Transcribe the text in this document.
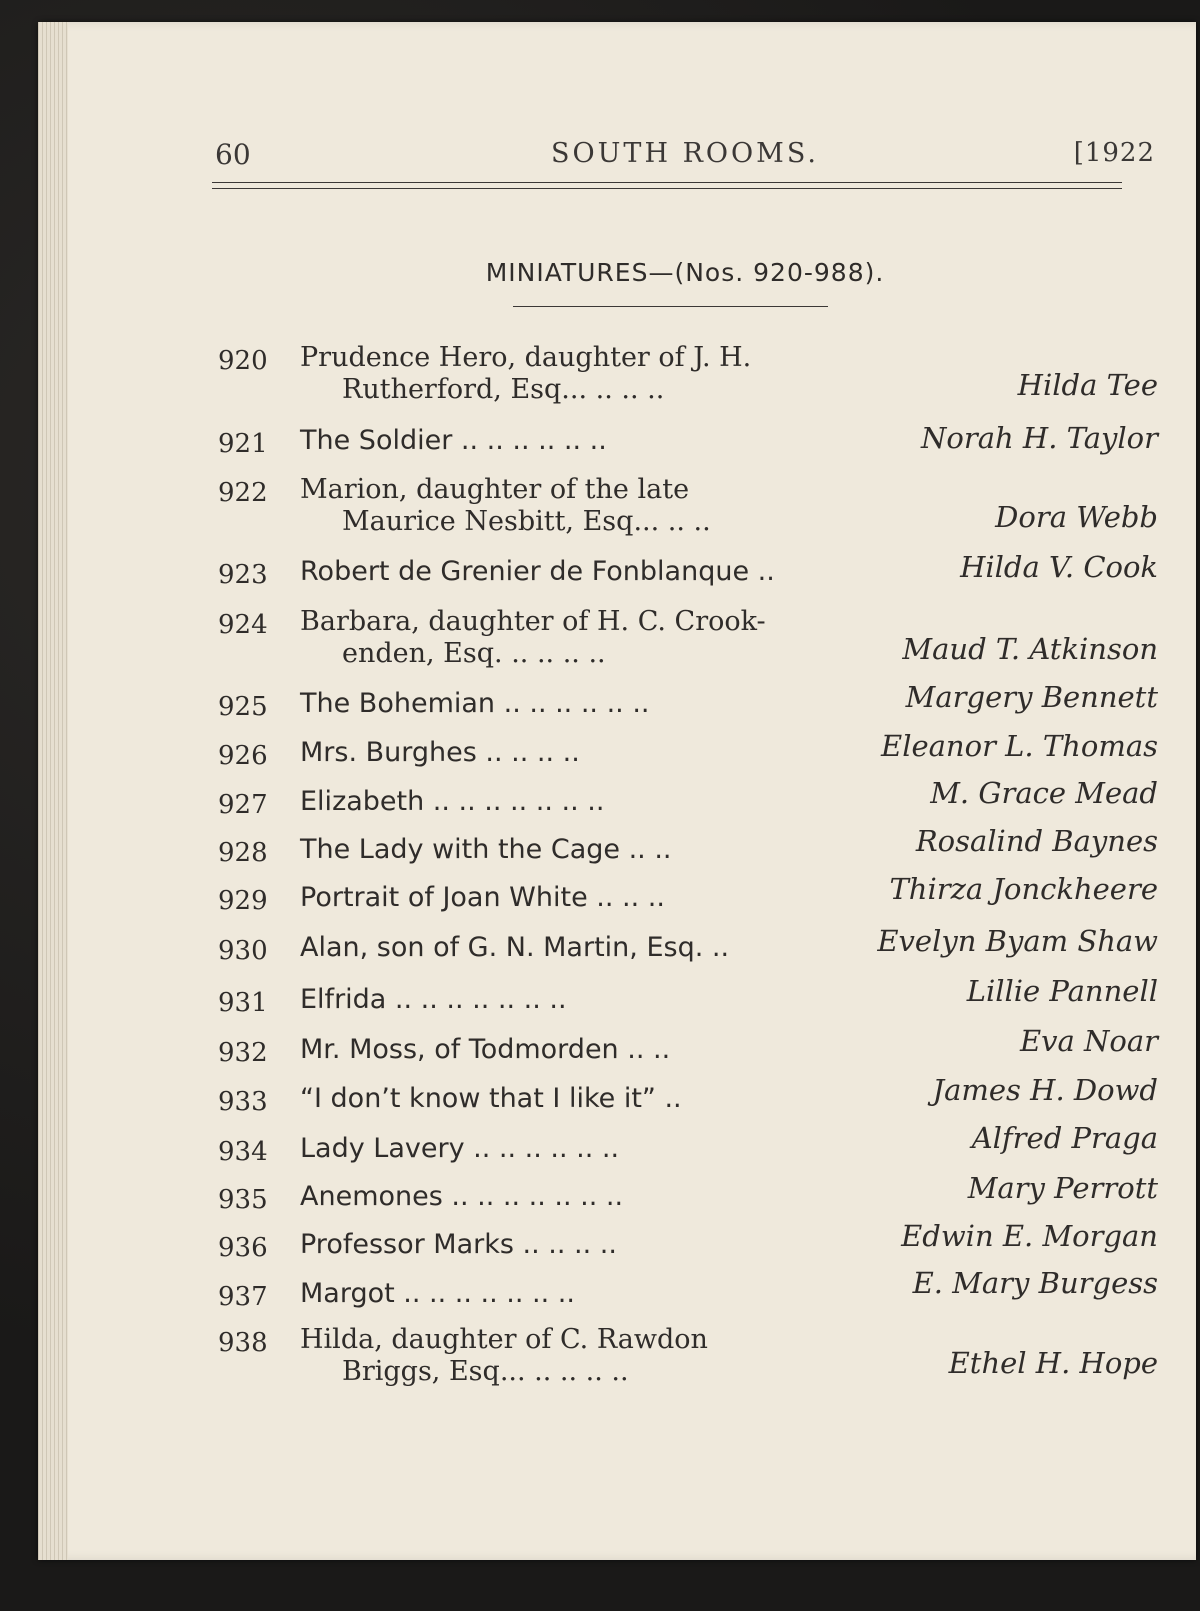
60	SOUTH ROOMS.	[1922
MINIATURES—(Nos. 920-988).
920 Prudence Hero, daughter of J. H.
Rutherford, Esq... .. .. ..	Hilda Tee
921 The Soldier .. .. .. .. .. ..	Norah H. Taylor
922 Marion, daughter of the late
Maurice Nesbitt, Esq... .. ..	Dora Webb
923 Robert de Grenier de Fonblanque ..	Hilda V. Cook
924 Barbara, daughter of H. C. Crook-
enden, Esq. .. .. .. ..	Maud T. Atkinson
925 The Bohemian .. .. .. .. .. ..	Margery Bennett
926 Mrs. Burghes .. .. .. ..	Eleanor L. Thomas
927 Elizabeth .. .. .. .. .. .. ..	M. Grace Mead
928 The Lady with the Cage .. ..	Rosalind Baynes
929 Portrait of Joan White .. .. ..	Thirza Jonckheere
930 Alan, son of G. N. Martin, Esq. ..	Evelyn Byam Shaw
931 Elfrida .. .. .. .. .. .. ..	Lillie Pannell
932 Mr. Moss, of Todmorden .. ..	Eva Noar
933 “I don’t know that I like it” ..	James H. Dowd
934 Lady Lavery .. .. .. .. .. ..	Alfred Praga
935 Anemones .. .. .. .. .. .. ..	Mary Perrott
936 Professor Marks .. .. .. ..	Edwin E. Morgan
937 Margot .. .. .. .. .. .. ..	E. Mary Burgess
938 Hilda, daughter of C. Rawdon
Briggs, Esq... .. .. .. ..	Ethel H. Hope
